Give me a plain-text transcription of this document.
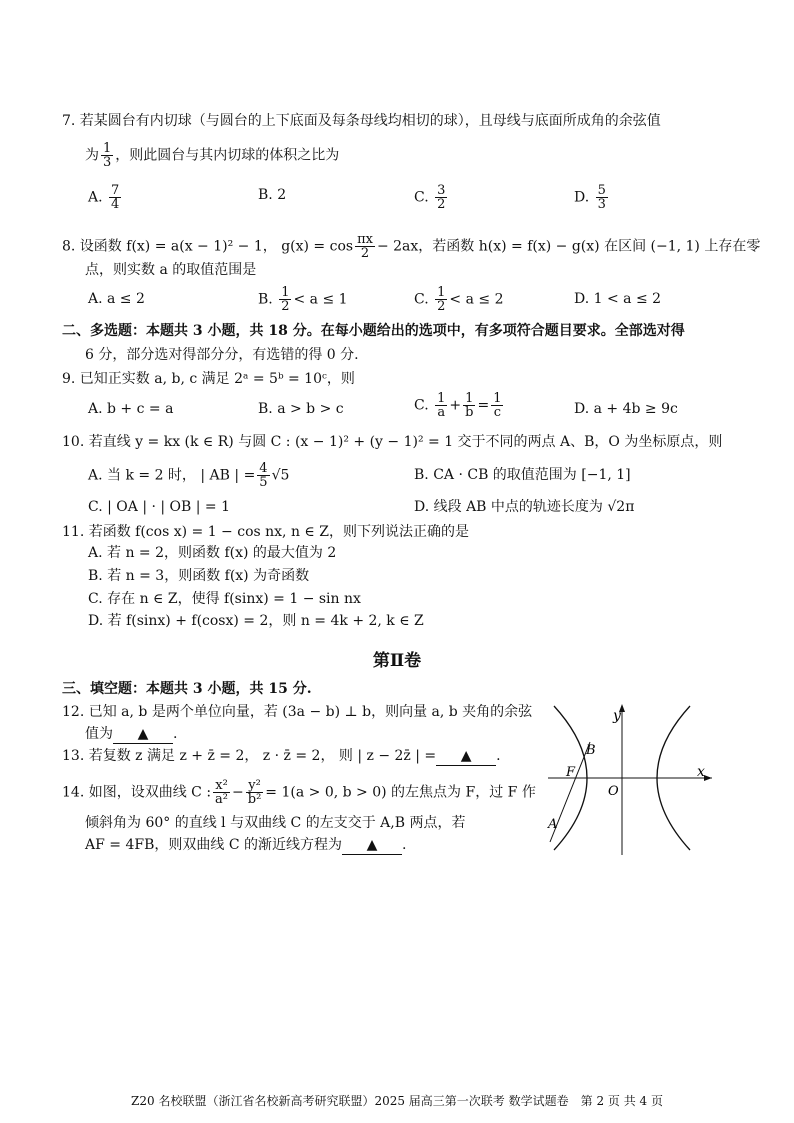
7. 若某圆台有内切球（与圆台的上下底面及每条母线均相切的球），且母线与底面所成角的余弦值
为 $\frac{1}{3}$ ，则此圆台与其内切球的体积之比为
A. $\frac{7}{4}$	B. 2	C. $\frac{3}{2}$	D. $\frac{5}{3}$
8. 设函数 f(x) = a(x − 1)² − 1， $g(x) = \cos \frac{\pi x}{2} - 2ax$，若函数 h(x) = f(x) − g(x) 在区间 (−1, 1) 上存在零
点，则实数 a 的取值范围是
A. a ≤ 2	B. $\frac{1}{2} < a \le 1$	C. $\frac{1}{2} < a \le 2$	D. 1 < a ≤ 2
二、多选题：本题共 3 小题，共 18 分。在每小题给出的选项中，有多项符合题目要求。全部选对得
6 分，部分选对得部分分，有选错的得 0 分.
9. 已知正实数 a, b, c 满足 2ᵃ = 5ᵇ = 10ᶜ，则
A. b + c = a	B. a > b > c	C. $\frac{1}{a} + \frac{1}{b} = \frac{1}{c}$	D. a + 4b ≥ 9c
10. 若直线 y = kx (k ∈ R) 与圆 C : (x − 1)² + (y − 1)² = 1 交于不同的两点 A、B，O 为坐标原点，则
A. 当 k = 2 时， | AB | = $\frac{4}{5} √5$	B. CA · CB 的取值范围为 [−1, 1]
C. | OA | · | OB | = 1	D. 线段 AB 中点的轨迹长度为 √2π
11. 若函数 f(cos x) = 1 − cos nx, n ∈ Z，则下列说法正确的是
A. 若 n = 2，则函数 f(x) 的最大值为 2
B. 若 n = 3，则函数 f(x) 为奇函数
C. 存在 n ∈ Z，使得 f(sinx) = 1 − sin nx
D. 若 f(sinx) + f(cosx) = 2，则 n = 4k + 2, k ∈ Z
第Ⅱ卷
三、填空题：本题共 3 小题，共 15 分.
12. 已知 a, b 是两个单位向量，若 (3a − b) ⊥ b，则向量 a, b 夹角的余弦
值为 ▲ .
13. 若复数 z 满足 z + z̄ = 2， z · z̄ = 2， 则 | z − 2z̄ | = ▲ .
14. 如图，设双曲线 C : $\frac{\text{x²}}{\text{a²}} - \frac{\text{y²}}{\text{b²}} = 1(a > 0$, b > 0) 的左焦点为 F，过 F 作
倾斜角为 60° 的直线 l 与双曲线 C 的左支交于 A,B 两点，若
AF = 4FB，则双曲线 C 的渐近线方程为 ▲ .
y
x
O
F
B
A
Z20 名校联盟（浙江省名校新高考研究联盟）2025 届高三第一次联考 数学试题卷　第 2 页 共 4 页
